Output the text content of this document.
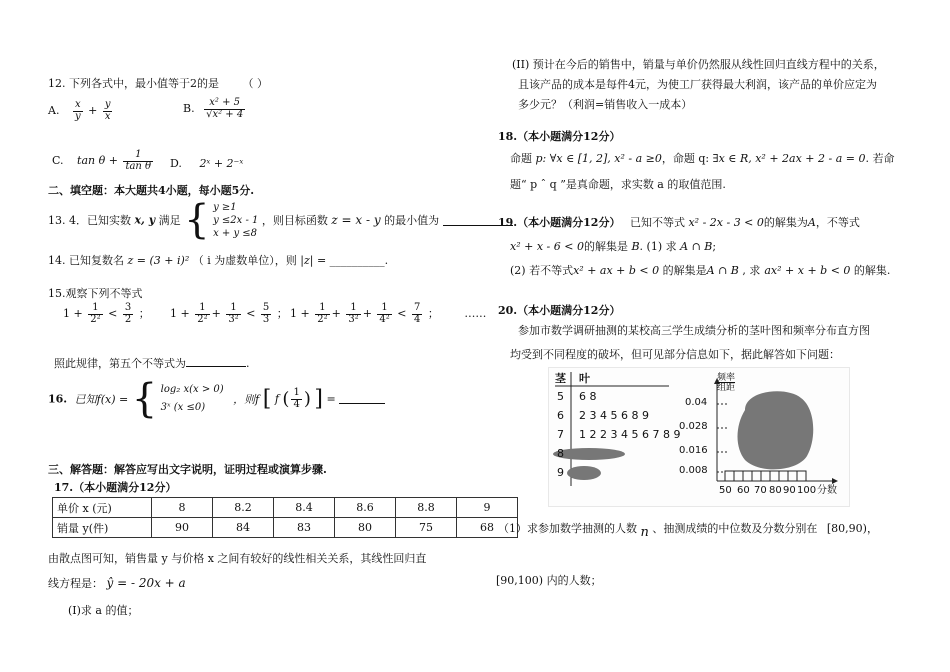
12. 下列各式中，最小值等于2的是 （ ）
A. $\frac{x}{y} + \frac{y}{x}$	B. $\frac{\text{x² + 5}}{\text{√x² + 4}}$
C. $\tan \theta + \frac{1}{\text{tan θ}} D$. 2ˣ + 2⁻ˣ
二、填空题：本大题共4小题，每小题5分.
13. 4．已知实数 x, y 满足 { y ≥1
y ≤2x - 1
x + y ≤8
，则目标函数 z = x - y 的最小值为
14. 已知复数名 z = (3 + i)² （ i 为虚数单位），则 |z| = __________.
15.观察下列不等式
$1 + \frac{1}{\text{2²}} < \frac{3}{2}$ ； $1 + \frac{1}{\text{2²}} + \frac{1}{\text{3²}} < \frac{5}{3}$ ； $1 + \frac{1}{\text{2²}} + \frac{1}{\text{3²}} + \frac{1}{\text{4²}} < \frac{7}{4}$ ； ……
照此规律，第五个不等式为	.
16. 已知f(x) = { log₂ x(x > 0)
3ˣ (x ≤0)
，则f [ f ( $\frac{1}{4}$ ) ] =
三、解答题：解答应写出文字说明，证明过程或演算步骤.
17.（本小题满分12分）
单价 x (元)	8	8.2	8.4	8.6	8.8	9
销量 y(件)	90	84	83	80	75	68
由散点图可知，销售量 y 与价格 x 之间有较好的线性相关关系，其线性回归直
线方程是： ŷ = - 20x + a
(I)求 a 的值；
(II) 预计在今后的销售中，销量与单价仍然服从线性回归直线方程中的关系，
且该产品的成本是每件4元，为使工厂获得最大利润，该产品的单价应定为
多少元？（利润=销售收入一成本）
18.（本小题满分12分）
命题 p: ∀x ∈ [1, 2], x² - a ≥0，命题 q: ∃x ∈ R, x² + 2ax + 2 - a = 0. 若命
题“ p ˆ q ”是真命题，求实数 a 的取值范围.
19.（本小题满分12分） 已知不等式 x² - 2x - 3 < 0的解集为A，不等式
x² + x - 6 < 0的解集是 B. (1) 求 A ∩ B;
(2) 若不等式x² + ax + b < 0 的解集是A ∩ B , 求 ax² + x + b < 0 的解集.
20.（本小题满分12分）
参加市数学调研抽测的某校高三学生成绩分析的茎叶图和频率分布直方图
均受到不同程度的破坏，但可见部分信息如下，据此解答如下问题：
茎 叶
5 6 8
6 2 3 4 5 6 8 9
7 1 2 2 3 4 5 6 7 8 9
8
9
频率
组距
0.04
0.028
0.016
0.008
50 60 70 80 90 100 分数
（1）求参加数学抽测的人数 n 、抽测成绩的中位数及分数分别在 [80,90)，
[90,100) 内的人数；
